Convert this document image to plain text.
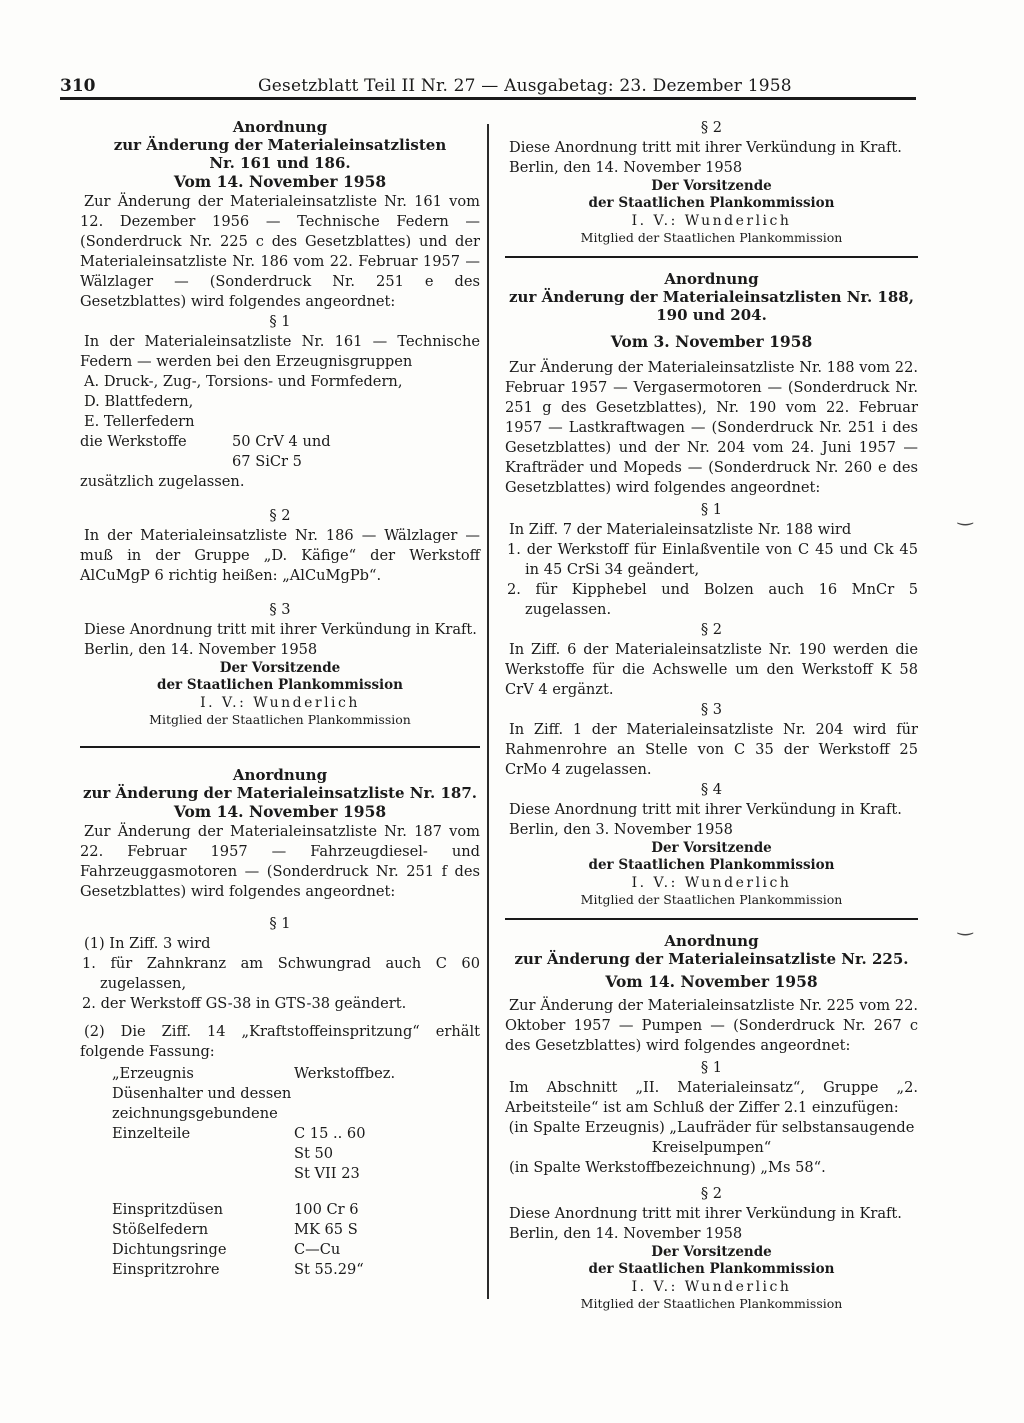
310	Gesetzblatt Teil II Nr. 27 — Ausgabetag: 23. Dezember 1958

Anordnung

zur Änderung der Materialeinsatzlisten

Nr. 161 und 186.

Vom 14. November 1958

Zur Änderung der Materialeinsatzliste Nr. 161 vom 12. Dezember 1956 — Technische Federn — (Sonderdruck Nr. 225 c des Gesetzblattes) und der Materialeinsatzliste Nr. 186 vom 22. Februar 1957 — Wälzlager — (Sonderdruck Nr. 251 e des Gesetzblattes) wird folgendes angeordnet:

§ 1

In der Materialeinsatzliste Nr. 161 — Technische Federn — werden bei den Erzeugnisgruppen

A. Druck-, Zug-, Torsions- und Formfedern,

D. Blattfedern,

E. Tellerfedern

die Werkstoffe	50 CrV 4 und
67 SiCr 5

zusätzlich zugelassen.

§ 2

In der Materialeinsatzliste Nr. 186 — Wälzlager — muß in der Gruppe „D. Käfige“ der Werkstoff AlCuMgP 6 richtig heißen: „AlCuMgPb“.

§ 3

Diese Anordnung tritt mit ihrer Verkündung in Kraft.

Berlin, den 14. November 1958

Der Vorsitzende

der Staatlichen Plankommission

I. V.: Wunderlich

Mitglied der Staatlichen Plankommission

Anordnung

zur Änderung der Materialeinsatzliste Nr. 187.

Vom 14. November 1958

Zur Änderung der Materialeinsatzliste Nr. 187 vom 22. Februar 1957 — Fahrzeugdiesel- und Fahrzeuggasmotoren — (Sonderdruck Nr. 251 f des Gesetzblattes) wird folgendes angeordnet:

§ 1

(1) In Ziff. 3 wird

1. für Zahnkranz am Schwungrad auch C 60 zugelassen,

2. der Werkstoff GS-38 in GTS-38 geändert.

(2) Die Ziff. 14 „Kraftstoffeinspritzung“ erhält folgende Fassung:

„Erzeugnis	Werkstoffbez.
Düsenhalter und dessen zeichnungsgebundene
Einzelteile	C 15 .. 60
St 50
St VII 23
Einspritzdüsen	100 Cr 6
Stößelfedern	MK 65 S
Dichtungsringe	C—Cu
Einspritzrohre	St 55.29“

§ 2

Diese Anordnung tritt mit ihrer Verkündung in Kraft.

Berlin, den 14. November 1958

Der Vorsitzende

der Staatlichen Plankommission

I. V.: Wunderlich

Mitglied der Staatlichen Plankommission

Anordnung

zur Änderung der Materialeinsatzlisten Nr. 188,

190 und 204.

Vom 3. November 1958

Zur Änderung der Materialeinsatzliste Nr. 188 vom 22. Februar 1957 — Vergasermotoren — (Sonderdruck Nr. 251 g des Gesetzblattes), Nr. 190 vom 22. Februar 1957 — Lastkraftwagen — (Sonderdruck Nr. 251 i des Gesetzblattes) und der Nr. 204 vom 24. Juni 1957 — Krafträder und Mopeds — (Sonderdruck Nr. 260 e des Gesetzblattes) wird folgendes angeordnet:

§ 1

In Ziff. 7 der Materialeinsatzliste Nr. 188 wird

1. der Werkstoff für Einlaßventile von C 45 und Ck 45 in 45 CrSi 34 geändert,

2. für Kipphebel und Bolzen auch 16 MnCr 5 zugelassen.

§ 2

In Ziff. 6 der Materialeinsatzliste Nr. 190 werden die Werkstoffe für die Achswelle um den Werkstoff K 58 CrV 4 ergänzt.

§ 3

In Ziff. 1 der Materialeinsatzliste Nr. 204 wird für Rahmenrohre an Stelle von C 35 der Werkstoff 25 CrMo 4 zugelassen.

§ 4

Diese Anordnung tritt mit ihrer Verkündung in Kraft.

Berlin, den 3. November 1958

Der Vorsitzende

der Staatlichen Plankommission

I. V.: Wunderlich

Mitglied der Staatlichen Plankommission

Anordnung

zur Änderung der Materialeinsatzliste Nr. 225.

Vom 14. November 1958

Zur Änderung der Materialeinsatzliste Nr. 225 vom 22. Oktober 1957 — Pumpen — (Sonderdruck Nr. 267 c des Gesetzblattes) wird folgendes angeordnet:

§ 1

Im Abschnitt „II. Materialeinsatz“, Gruppe „2. Arbeitsteile“ ist am Schluß der Ziffer 2.1 einzufügen:

(in Spalte Erzeugnis) „Laufräder für selbstansaugende Kreiselpumpen“

(in Spalte Werkstoffbezeichnung) „Ms 58“.

§ 2

Diese Anordnung tritt mit ihrer Verkündung in Kraft.

Berlin, den 14. November 1958

Der Vorsitzende

der Staatlichen Plankommission

I. V.: Wunderlich

Mitglied der Staatlichen Plankommission

‿
‿
